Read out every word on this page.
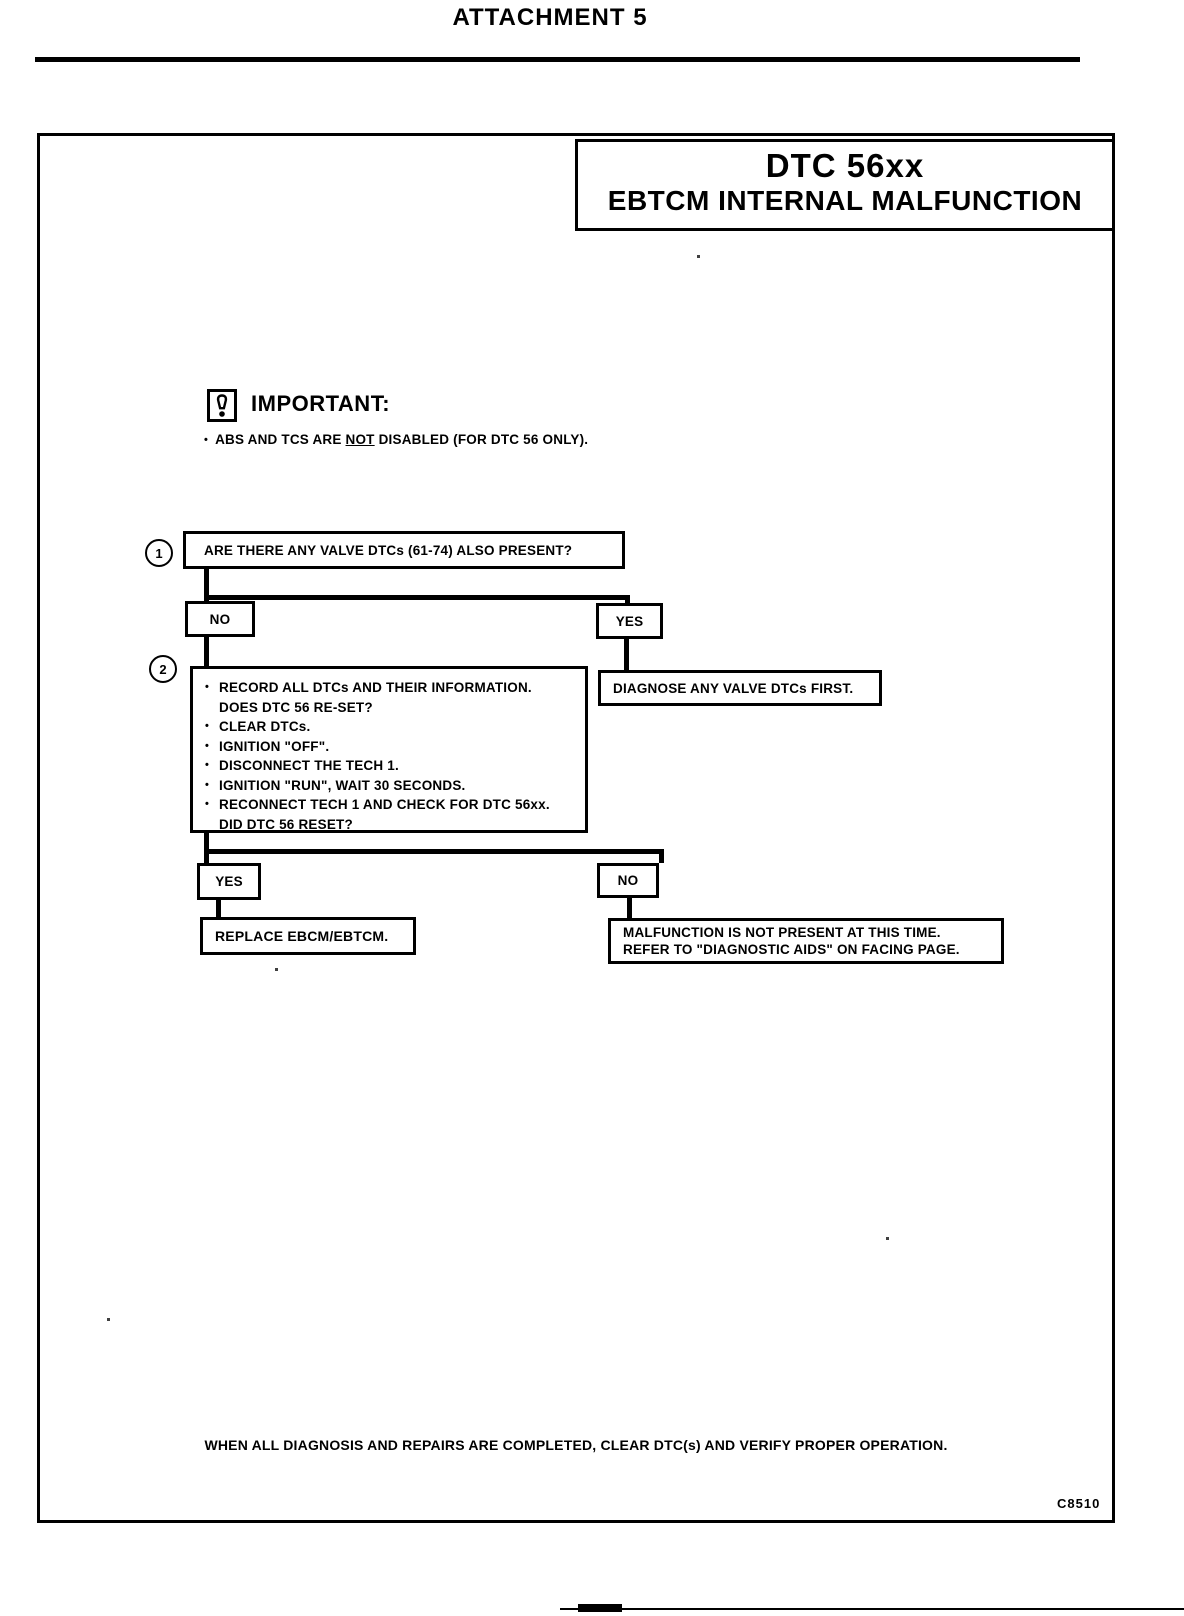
ATTACHMENT 5
DTC 56xx
EBTCM INTERNAL MALFUNCTION
IMPORTANT:
• ABS AND TCS ARE NOT DISABLED (FOR DTC 56 ONLY).
1	ARE THERE ANY VALVE DTCs (61-74) ALSO PRESENT?
NO	YES
2
• RECORD ALL DTCs AND THEIR INFORMATION.
DOES DTC 56 RE-SET?
• CLEAR DTCs.
• IGNITION "OFF".
• DISCONNECT THE TECH 1.
• IGNITION "RUN", WAIT 30 SECONDS.
• RECONNECT TECH 1 AND CHECK FOR DTC 56xx.
DID DTC 56 RESET?
DIAGNOSE ANY VALVE DTCs FIRST.
YES	NO
REPLACE EBCM/EBTCM.	MALFUNCTION IS NOT PRESENT AT THIS TIME.
REFER TO "DIAGNOSTIC AIDS" ON FACING PAGE.
WHEN ALL DIAGNOSIS AND REPAIRS ARE COMPLETED, CLEAR DTC(s) AND VERIFY PROPER OPERATION.
C8510
